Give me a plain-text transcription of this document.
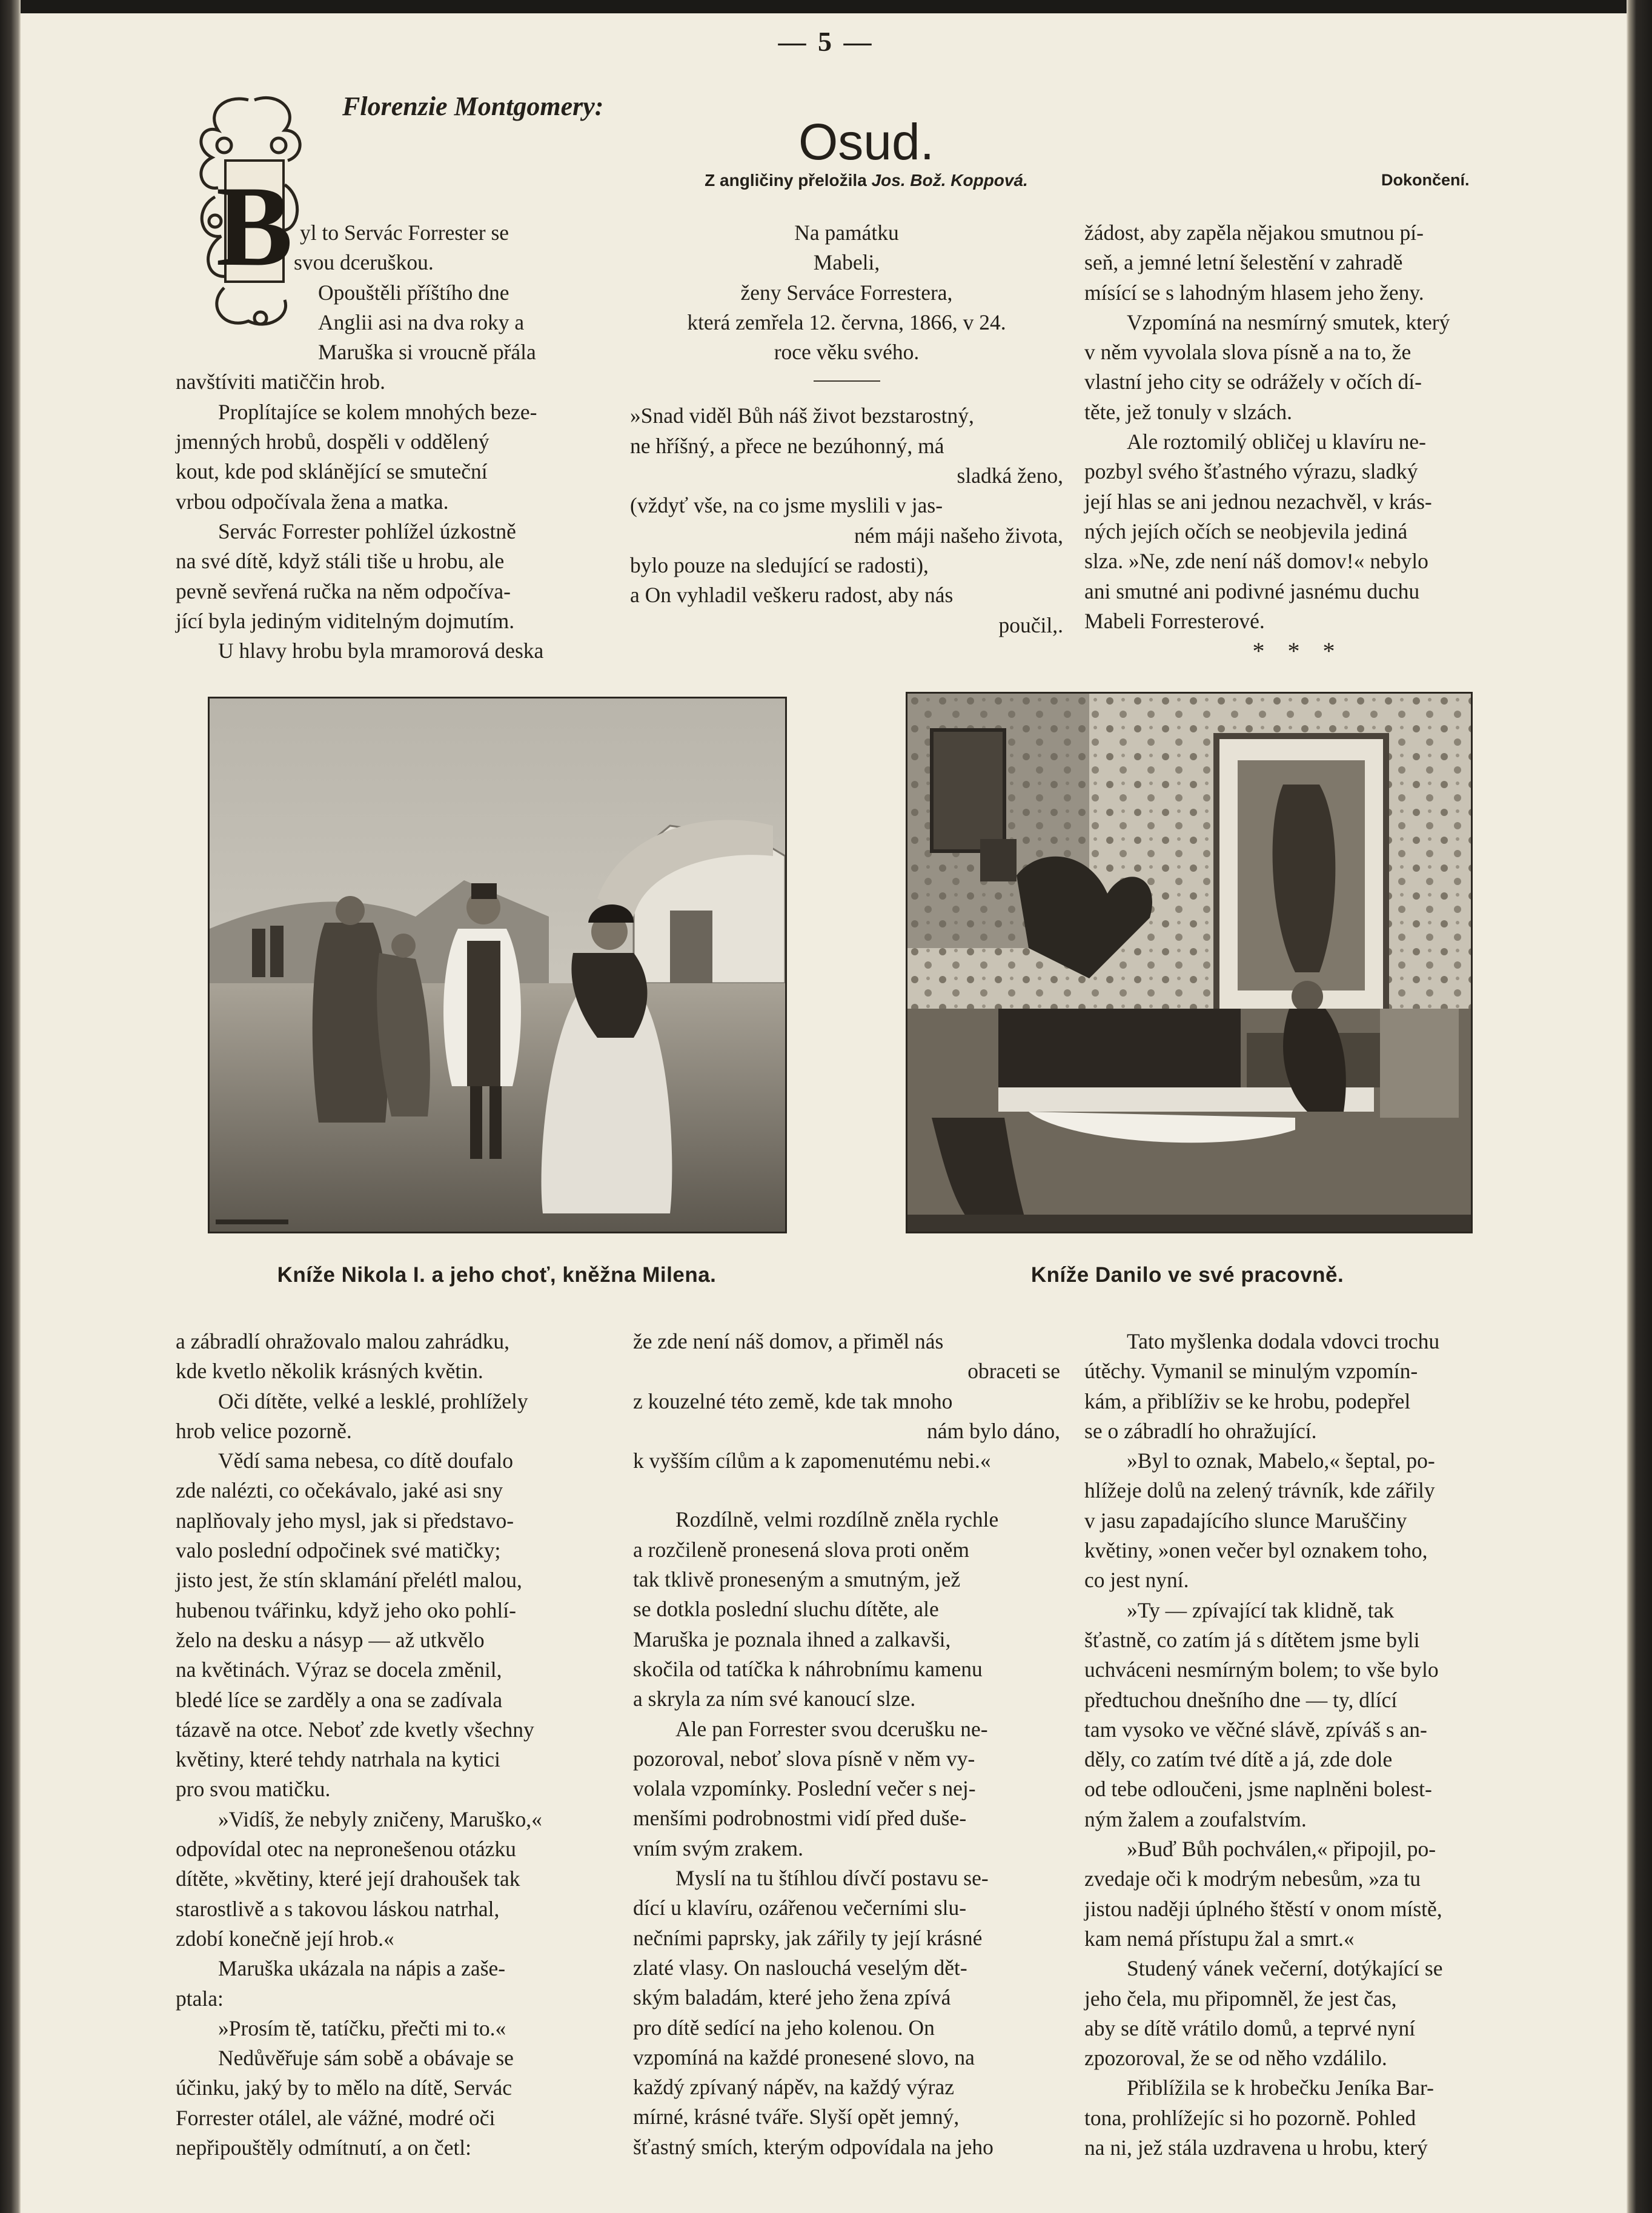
— 5 —
B
Florenzie Montgomery:
Osud.
Z angličiny přeložila Jos. Bož. Koppová.	Dokončení.

yl to Servác Forrester se

svou dceruškou.

Opouštěli příštího dne

Anglii asi na dva roky a

Maruška si vroucně přála

navštíviti matiččin hrob.

Proplítajíce se kolem mnohých beze-

jmenných hrobů, dospěli v oddělený

kout, kde pod sklánějící se smuteční

vrbou odpočívala žena a matka.

Servác Forrester pohlížel úzkostně

na své dítě, když stáli tiše u hrobu, ale

pevně sevřená ručka na něm odpočíva-

jící byla jediným viditelným dojmutím.

U hlavy hrobu byla mramorová deska

Na památku

Mabeli,

ženy Servácе Forrestera,

která zemřela 12. června, 1866, v 24.

roce věku svého.

»Snad viděl Bůh náš život bezstarostný,

ne hříšný, a přece ne bezúhonný, má

sladká ženo,

(vždyť vše, na co jsme myslili v jas-

ném máji našeho života,

bylo pouze na sledující se radosti),

a On vyhladil veškeru radost, aby nás

poučil,.

žádost, aby zapěla nějakou smutnou pí-

seň, a jemné letní šelestění v zahradě

mísící se s lahodným hlasem jeho ženy.

Vzpomíná na nesmírný smutek, který

v něm vyvolala slova písně a na to, že

vlastní jeho city se odrážely v očích dí-

těte, jež tonuly v slzách.

Ale roztomilý obličej u klavíru ne-

pozbyl svého šťastného výrazu, sladký

její hlas se ani jednou nezachvěl, v krás-

ných jejích očích se neobjevila jediná

slza. »Ne, zde není náš domov!« nebylo

ani smutné ani podivné jasnému duchu

Mabeli Forresterové.

* * *

Kníže Nikola I. a jeho choť, kněžna Milena.	Kníže Danilo ve své pracovně.

a zábradlí ohražovalo malou zahrádku,

kde kvetlo několik krásných květin.

Oči dítěte, velké a lesklé, prohlížely

hrob velice pozorně.

Vědí sama nebesa, co dítě doufalo

zde nalézti, co očekávalo, jaké asi sny

naplňovaly jeho mysl, jak si představo-

valo poslední odpočinek své matičky;

jisto jest, že stín sklamání přelétl malou,

hubenou tvářinku, když jeho oko pohlí-

želo na desku a násyp — až utkvělo

na květinách. Výraz se docela změnil,

bledé líce se zarděly a ona se zadívala

tázavě na otce. Neboť zde kvetly všechny

květiny, které tehdy natrhala na kytici

pro svou matičku.

»Vidíš, že nebyly zničeny, Maruško,«

odpovídal otec na nepronešenou otázku

dítěte, »květiny, které její drahoušek tak

starostlivě a s takovou láskou natrhal,

zdobí konečně její hrob.«

Maruška ukázala na nápis a zaše-

ptala:

»Prosím tě, tatíčku, přečti mi to.«

Nedůvěřuje sám sobě a obávaje se

účinku, jaký by to mělo na dítě, Servác

Forrester otálel, ale vážné, modré oči

nepřipouštěly odmítnutí, a on četl:

že zde není náš domov, a přiměl nás

obraceti se

z kouzelné této země, kde tak mnoho

nám bylo dáno,

k vyšším cílům a k zapomenutému nebi.«

Rozdílně, velmi rozdílně zněla rychle

a rozčileně pronesená slova proti oněm

tak tklivě proneseným a smutným, jež

se dotkla poslední sluchu dítěte, ale

Maruška je poznala ihned a zalkavši,

skočila od tatíčka k náhrobnímu kamenu

a skryla za ním své kanoucí slze.

Ale pan Forrester svou dcerušku ne-

pozoroval, neboť slova písně v něm vy-

volala vzpomínky. Poslední večer s nej-

menšími podrobnostmi vidí před duše-

vním svým zrakem.

Myslí na tu štíhlou dívčí postavu se-

dící u klavíru, ozářenou večerními slu-

nečními paprsky, jak zářily ty její krásné

zlaté vlasy. On naslouchá veselým dět-

ským baladám, které jeho žena zpívá

pro dítě sedící na jeho kolenou. On

vzpomíná na každé pronesené slovo, na

každý zpívaný nápěv, na každý výraz

mírné, krásné tváře. Slyší opět jemný,

šťastný smích, kterým odpovídala na jeho

Tato myšlenka dodala vdovci trochu

útěchy. Vymanil se minulým vzpomín-

kám, a přiblíživ se ke hrobu, podepřel

se o zábradlí ho ohražující.

»Byl to oznak, Mabelo,« šeptal, po-

hlížeje dolů na zelený trávník, kde zářily

v jasu zapadajícího slunce Maruščiny

květiny, »onen večer byl oznakem toho,

co jest nyní.

»Ty — zpívající tak klidně, tak

šťastně, co zatím já s dítětem jsme byli

uchváceni nesmírným bolem; to vše bylo

předtuchou dnešního dne — ty, dlící

tam vysoko ve věčné slávě, zpíváš s an-

děly, co zatím tvé dítě a já, zde dole

od tebe odloučeni, jsme naplněni bolest-

ným žalem a zoufalstvím.

»Buď Bůh pochválen,« připojil, po-

zvedaje oči k modrým nebesům, »za tu

jistou naději úplného štěstí v onom místě,

kam nemá přístupu žal a smrt.«

Studený vánek večerní, dotýkající se

jeho čela, mu připomněl, že jest čas,

aby se dítě vrátilo domů, a teprvé nyní

zpozoroval, že se od něho vzdálilo.

Přiblížila se k hrobečku Jeníka Bar-

tona, prohlížejíc si ho pozorně. Pohled

na ni, jež stála uzdravena u hrobu, který
